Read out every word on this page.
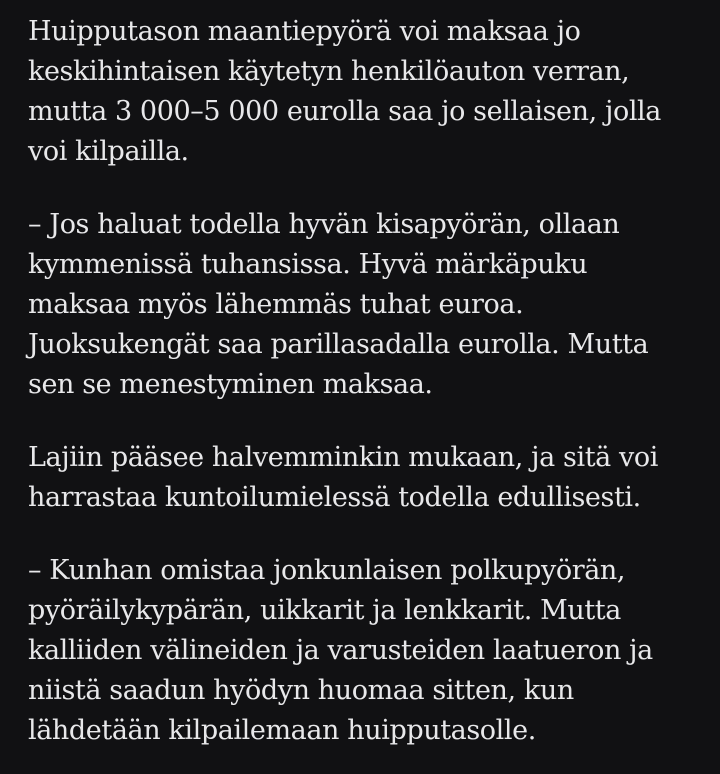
Huipputason maantiepyörä voi maksaa jo
keskihintaisen käytetyn henkilöauton verran,
mutta 3 000–5 000 eurolla saa jo sellaisen, jolla
voi kilpailla.

– Jos haluat todella hyvän kisapyörän, ollaan
kymmenissä tuhansissa. Hyvä märkäpuku
maksaa myös lähemmäs tuhat euroa.
Juoksukengät saa parillasadalla eurolla. Mutta
sen se menestyminen maksaa.

Lajiin pääsee halvemminkin mukaan, ja sitä voi
harrastaa kuntoilumielessä todella edullisesti.

– Kunhan omistaa jonkunlaisen polkupyörän,
pyöräilykypärän, uikkarit ja lenkkarit. Mutta
kalliiden välineiden ja varusteiden laatueron ja
niistä saadun hyödyn huomaa sitten, kun
lähdetään kilpailemaan huipputasolle.
